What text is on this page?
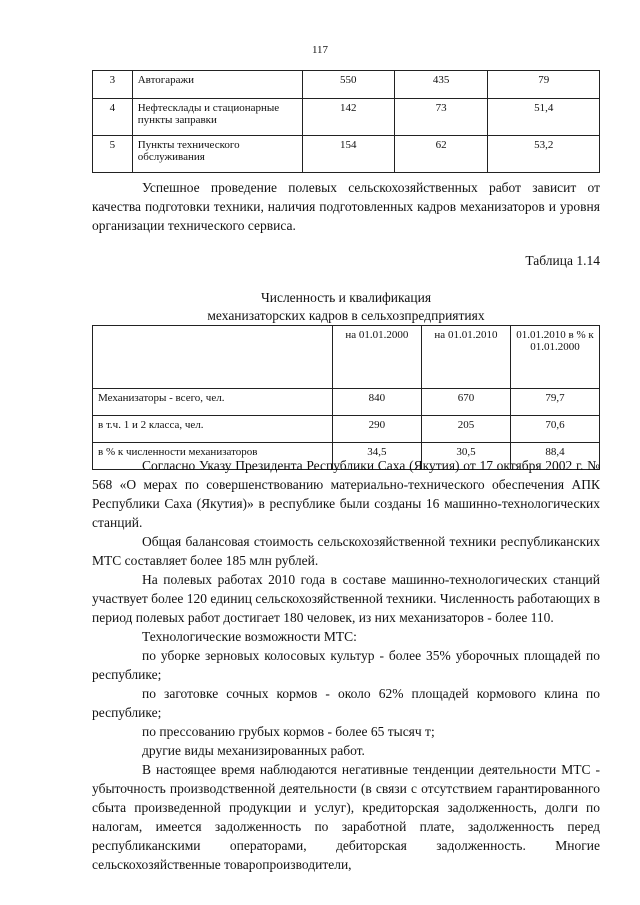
117
3	Автогаражи	550	435	79
4	Нефтесклады и стационарные пункты заправки	142	73	51,4
5	Пункты технического обслуживания	154	62	53,2
Успешное проведение полевых сельскохозяйственных работ зависит от качества подготовки техники, наличия подготовленных кадров механизаторов и уровня организации технического сервиса.
Таблица 1.14
Численность и квалификация
механизаторских кадров в сельхозпредприятиях
	на 01.01.2000	на 01.01.2010	01.01.2010 в % к 01.01.2000
Механизаторы - всего, чел.	840	670	79,7
в т.ч. 1 и 2 класса, чел.	290	205	70,6
в % к численности механизаторов	34,5	30,5	88,4
Согласно Указу Президента Республики Саха (Якутия) от 17 октября 2002 г. № 568 «О мерах по совершенствованию материально-технического обеспечения АПК Республики Саха (Якутия)» в республике были созданы 16 машинно-технологических станций.
Общая балансовая стоимость сельскохозяйственной техники республиканских МТС составляет более 185 млн рублей.
На полевых работах 2010 года в составе машинно-технологических станций участвует более 120 единиц сельскохозяйственной техники. Численность работающих в период полевых работ достигает 180 человек, из них механизаторов - более 110.
Технологические возможности МТС:
по уборке зерновых колосовых культур - более 35% уборочных площадей по республике;
по заготовке сочных кормов - около 62% площадей кормового клина по республике;
по прессованию грубых кормов - более 65 тысяч т;
другие виды механизированных работ.
В настоящее время наблюдаются негативные тенденции деятельности МТС - убыточность производственной деятельности (в связи с отсутствием гарантированного сбыта произведенной продукции и услуг), кредиторская задолженность, долги по налогам, имеется задолженность по заработной плате, задолженность перед республиканскими операторами, дебиторская задолженность. Многие сельскохозяйственные товаропроизводители,
